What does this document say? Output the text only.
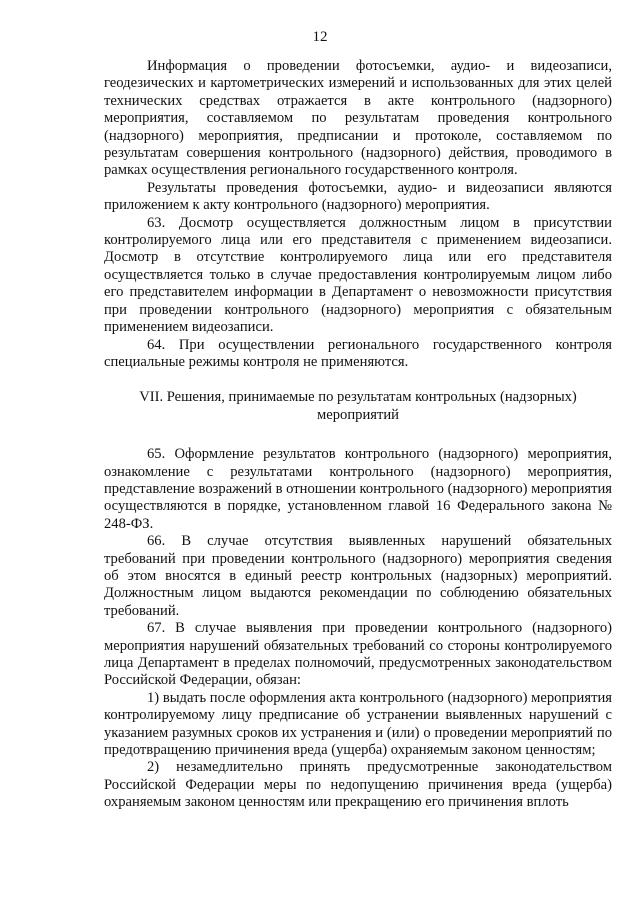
12

Информация о проведении фотосъемки, аудио- и видеозаписи, геодезических и картометрических измерений и использованных для этих целей технических средствах отражается в акте контрольного (надзорного) мероприятия, составляемом по результатам проведения контрольного (надзорного) мероприятия, предписании и протоколе, составляемом по результатам совершения контрольного (надзорного) действия, проводимого в рамках осуществления регионального государственного контроля.

Результаты проведения фотосъемки, аудио- и видеозаписи являются приложением к акту контрольного (надзорного) мероприятия.

63. Досмотр осуществляется должностным лицом в присутствии контролируемого лица или его представителя с применением видеозаписи. Досмотр в отсутствие контролируемого лица или его представителя осуществляется только в случае предоставления контролируемым лицом либо его представителем информации в Департамент о невозможности присутствия при проведении контрольного (надзорного) мероприятия с обязательным применением видеозаписи.

64. При осуществлении регионального государственного контроля специальные режимы контроля не применяются.

VII. Решения, принимаемые по результатам контрольных (надзорных) мероприятий

65. Оформление результатов контрольного (надзорного) мероприятия, ознакомление с результатами контрольного (надзорного) мероприятия, представление возражений в отношении контрольного (надзорного) мероприятия осуществляются в порядке, установленном главой 16 Федерального закона № 248-ФЗ.

66. В случае отсутствия выявленных нарушений обязательных требований при проведении контрольного (надзорного) мероприятия сведения об этом вносятся в единый реестр контрольных (надзорных) мероприятий. Должностным лицом выдаются рекомендации по соблюдению обязательных требований.

67. В случае выявления при проведении контрольного (надзорного) мероприятия нарушений обязательных требований со стороны контролируемого лица Департамент в пределах полномочий, предусмотренных законодательством Российской Федерации, обязан:

1) выдать после оформления акта контрольного (надзорного) мероприятия контролируемому лицу предписание об устранении выявленных нарушений с указанием разумных сроков их устранения и (или) о проведении мероприятий по предотвращению причинения вреда (ущерба) охраняемым законом ценностям;

2) незамедлительно принять предусмотренные законодательством Российской Федерации меры по недопущению причинения вреда (ущерба) охраняемым законом ценностям или прекращению его причинения вплоть
